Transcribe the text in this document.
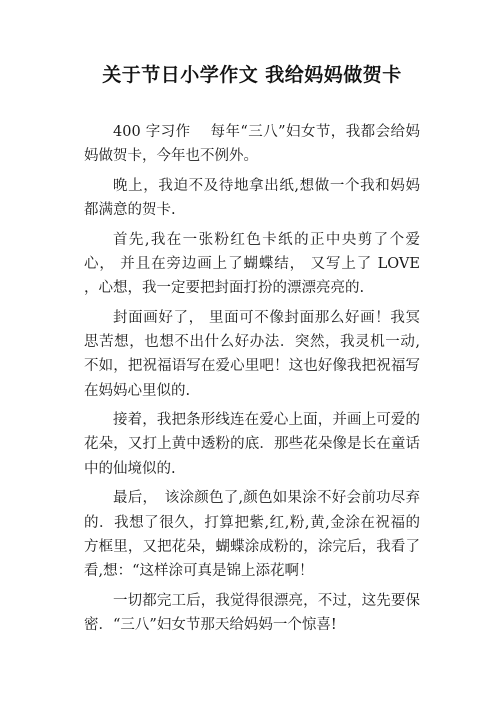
关于节日小学作文 我给妈妈做贺卡

400 字习作　 每年“三八”妇女节，我都会给妈妈做贺卡，今年也不例外。

晚上，我迫不及待地拿出纸,想做一个我和妈妈都满意的贺卡.

首先,我在一张粉红色卡纸的正中央剪了个爱心， 并且在旁边画上了蝴蝶结， 又写上了 LOVE ，心想，我一定要把封面打扮的漂漂亮亮的.

封面画好了， 里面可不像封面那么好画！我冥思苦想，也想不出什么好办法．突然，我灵机一动,不如，把祝福语写在爱心里吧！这也好像我把祝福写在妈妈心里似的.

接着，我把条形线连在爱心上面，并画上可爱的花朵，又打上黄中透粉的底．那些花朵像是长在童话中的仙境似的.

最后，　该涂颜色了,颜色如果涂不好会前功尽弃的．我想了很久，打算把紫,红,粉,黄,金涂在祝福的方框里，又把花朵，蝴蝶涂成粉的，涂完后，我看了看,想：“这样涂可真是锦上添花啊！

一切都完工后，我觉得很漂亮，不过，这先要保密．“三八”妇女节那天给妈妈一个惊喜!
